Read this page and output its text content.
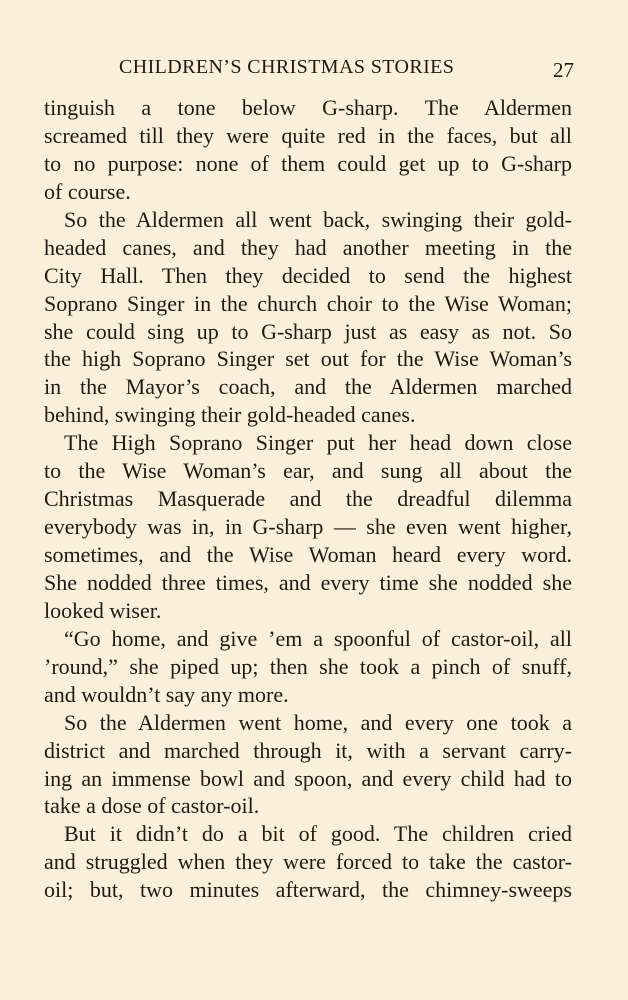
CHILDREN’S CHRISTMAS STORIES	27
tinguish a tone below G-sharp. The Aldermen
screamed till they were quite red in the faces, but all
to no purpose: none of them could get up to G-sharp
of course.
So the Aldermen all went back, swinging their gold-
headed canes, and they had another meeting in the
City Hall. Then they decided to send the highest
Soprano Singer in the church choir to the Wise Woman;
she could sing up to G-sharp just as easy as not. So
the high Soprano Singer set out for the Wise Woman’s
in the Mayor’s coach, and the Aldermen marched
behind, swinging their gold-headed canes.
The High Soprano Singer put her head down close
to the Wise Woman’s ear, and sung all about the
Christmas Masquerade and the dreadful dilemma
everybody was in, in G-sharp — she even went higher,
sometimes, and the Wise Woman heard every word.
She nodded three times, and every time she nodded she
looked wiser.
“Go home, and give ’em a spoonful of castor-oil, all
’round,” she piped up; then she took a pinch of snuff,
and wouldn’t say any more.
So the Aldermen went home, and every one took a
district and marched through it, with a servant carry-
ing an immense bowl and spoon, and every child had to
take a dose of castor-oil.
But it didn’t do a bit of good. The children cried
and struggled when they were forced to take the castor-
oil; but, two minutes afterward, the chimney-sweeps
